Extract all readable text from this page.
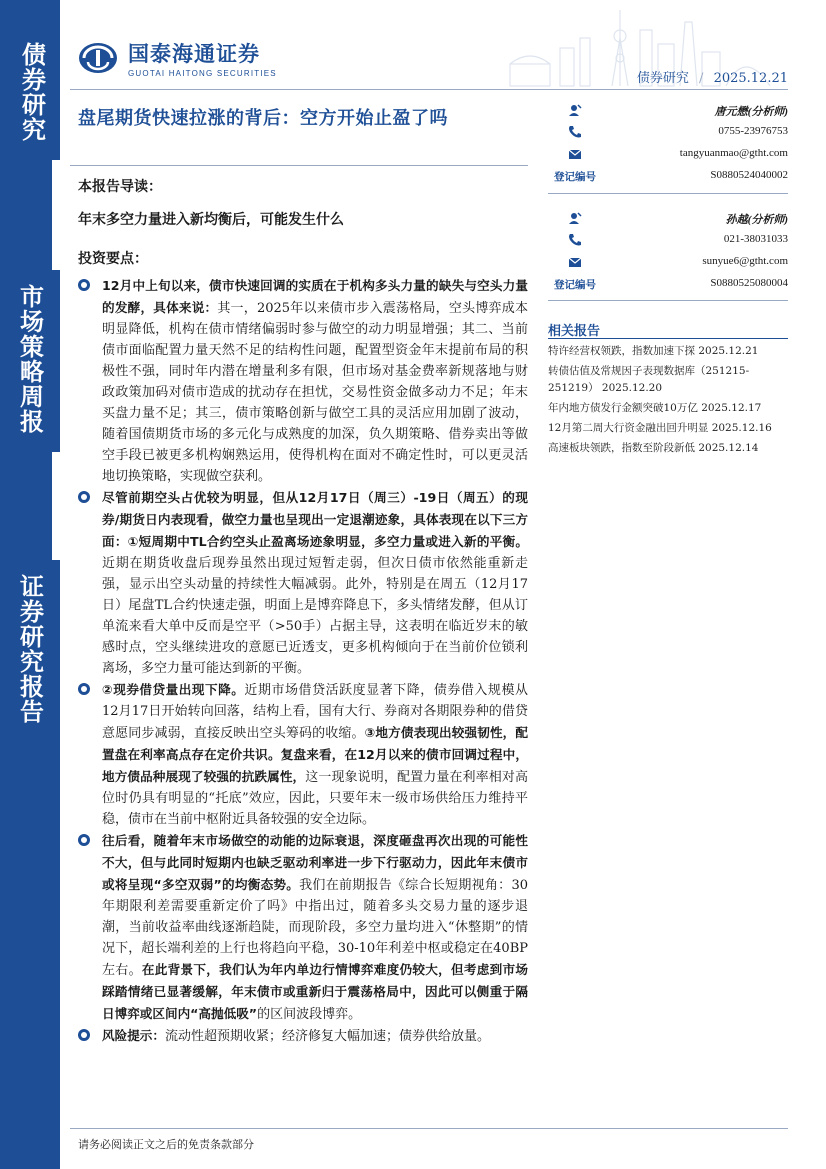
债券研究
市场策略周报
证券研究报告
国泰海通证券
GUOTAI HAITONG SECURITIES	债券研究 / 2025.12.21
盘尾期货快速拉涨的背后：空方开始止盈了吗
本报告导读：
年末多空力量进入新均衡后，可能发生什么
投资要点：
12月中上旬以来，债市快速回调的实质在于机构多头力量的缺失与空头力量的发酵，具体来说：其一，2025年以来债市步入震荡格局，空头博弈成本明显降低，机构在债市情绪偏弱时参与做空的动力明显增强；其二、当前债市面临配置力量天然不足的结构性问题，配置型资金年末提前布局的积极性不强，同时年内潜在增量利多有限，但市场对基金费率新规落地与财政政策加码对债市造成的扰动存在担忧，交易性资金做多动力不足；年末买盘力量不足；其三，债市策略创新与做空工具的灵活应用加剧了波动，随着国债期货市场的多元化与成熟度的加深，负久期策略、借券卖出等做空手段已被更多机构娴熟运用，使得机构在面对不确定性时，可以更灵活地切换策略，实现做空获利。
尽管前期空头占优较为明显，但从12月17日（周三）-19日（周五）的现券/期货日内表现看，做空力量也呈现出一定退潮迹象，具体表现在以下三方面：①短周期中TL合约空头止盈离场迹象明显，多空力量或进入新的平衡。近期在期货收盘后现券虽然出现过短暂走弱，但次日债市依然能重新走强，显示出空头动量的持续性大幅减弱。此外，特别是在周五（12月17日）尾盘TL合约快速走强，明面上是博弈降息下，多头情绪发酵，但从订单流来看大单中反而是空平（>50手）占据主导，这表明在临近岁末的敏感时点，空头继续进攻的意愿已近透支，更多机构倾向于在当前价位锁利离场，多空力量可能达到新的平衡。
②现券借贷量出现下降。近期市场借贷活跃度显著下降，债券借入规模从12月17日开始转向回落，结构上看，国有大行、券商对各期限券种的借贷意愿同步减弱，直接反映出空头筹码的收缩。③地方债表现出较强韧性，配置盘在利率高点存在定价共识。复盘来看，在12月以来的债市回调过程中，地方债品种展现了较强的抗跌属性，这一现象说明，配置力量在利率相对高位时仍具有明显的“托底”效应，因此，只要年末一级市场供给压力维持平稳，债市在当前中枢附近具备较强的安全边际。
往后看，随着年末市场做空的动能的边际衰退，深度砸盘再次出现的可能性不大，但与此同时短期内也缺乏驱动利率进一步下行驱动力，因此年末债市或将呈现“多空双弱”的均衡态势。我们在前期报告《综合长短期视角：30年期限利差需要重新定价了吗》中指出过，随着多头交易力量的逐步退潮，当前收益率曲线逐渐趋陡，而现阶段，多空力量均进入“休整期”的情况下，超长端利差的上行也将趋向平稳，30-10年利差中枢或稳定在40BP左右。在此背景下，我们认为年内单边行情博弈难度仍较大，但考虑到市场踩踏情绪已显著缓解，年末债市或重新归于震荡格局中，因此可以侧重于隔日博弈或区间内“高抛低吸”的区间波段博弈。
风险提示：流动性超预期收紧；经济修复大幅加速；债券供给放量。
唐元懋(分析师)
0755-23976753
tangyuanmao@gtht.com
登记编号	S0880524040002
孙越(分析师)
021-38031033
sunyue6@gtht.com
登记编号	S0880525080004
相关报告
特许经营权领跌，指数加速下探 2025.12.21
转债估值及常规因子表现数据库（251215-251219） 2025.12.20
年内地方债发行金额突破10万亿 2025.12.17
12月第二周大行资金融出回升明显 2025.12.16
高速板块领跌，指数至阶段新低 2025.12.14
请务必阅读正文之后的免责条款部分
